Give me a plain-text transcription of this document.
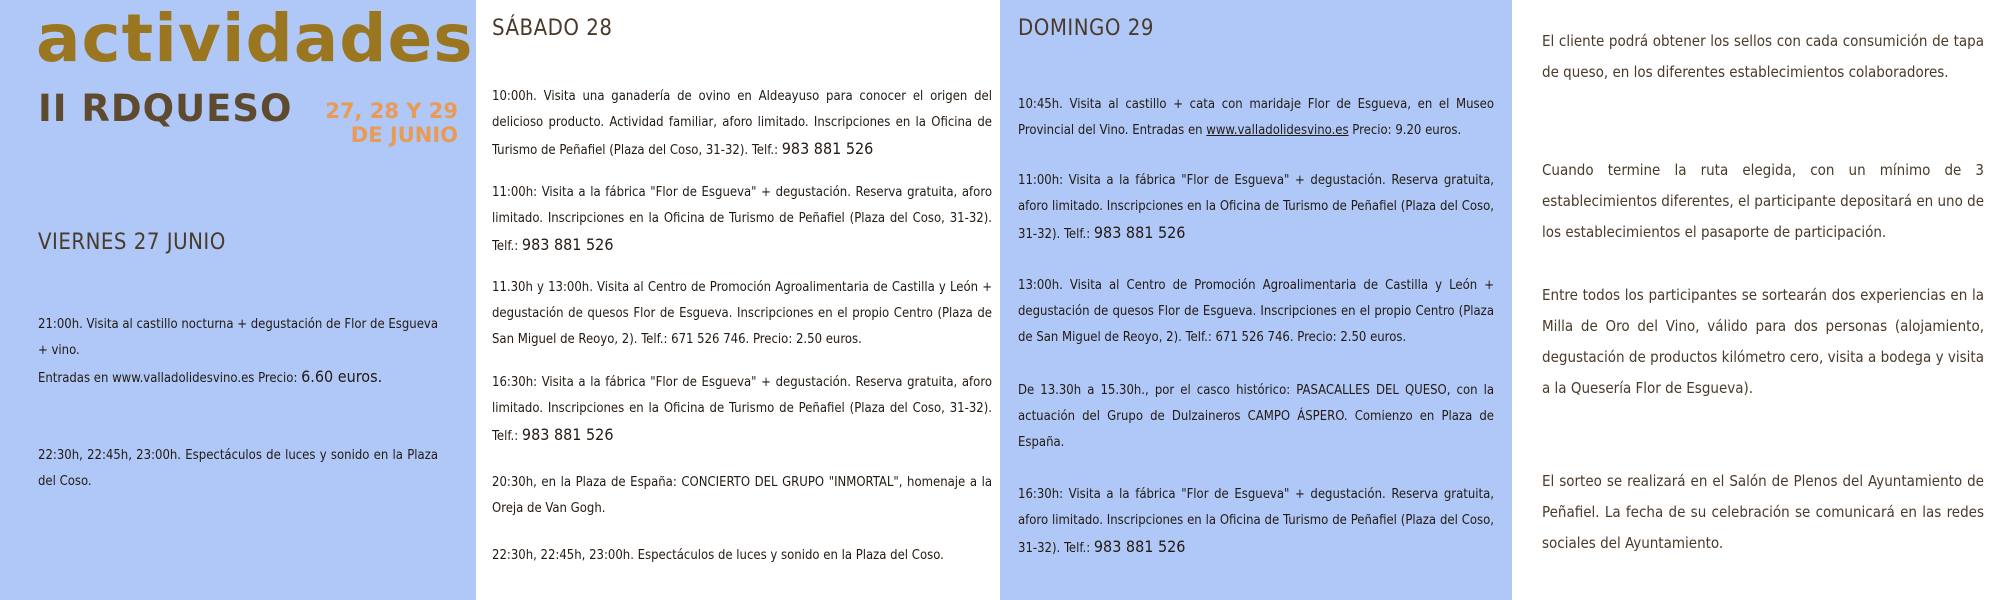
actividades
II RDQUESO 27, 28 Y 29
DE JUNIO
VIERNES 27 JUNIO
21:00h. Visita al castillo nocturna + degustación de Flor de Esgueva + vino.
Entradas en www.valladolidesvino.es Precio: 6.60 euros.
22:30h, 22:45h, 23:00h. Espectáculos de luces y sonido en la Plaza del Coso.
SÁBADO 28
10:00h. Visita una ganadería de ovino en Aldeayuso para conocer el origen del delicioso producto. Actividad familiar, aforo limitado. Inscripciones en la Oficina de Turismo de Peñafiel (Plaza del Coso, 31-32). Telf.: 983 881 526
11:00h: Visita a la fábrica "Flor de Esgueva" + degustación. Reserva gratuita, aforo limitado. Inscripciones en la Oficina de Turismo de Peñafiel (Plaza del Coso, 31-32). Telf.: 983 881 526
11.30h y 13:00h. Visita al Centro de Promoción Agroalimentaria de Castilla y León + degustación de quesos Flor de Esgueva. Inscripciones en el propio Centro (Plaza de San Miguel de Reoyo, 2). Telf.: 671 526 746. Precio: 2.50 euros.
16:30h: Visita a la fábrica "Flor de Esgueva" + degustación. Reserva gratuita, aforo limitado. Inscripciones en la Oficina de Turismo de Peñafiel (Plaza del Coso, 31-32). Telf.: 983 881 526
20:30h, en la Plaza de España: CONCIERTO DEL GRUPO "INMORTAL", homenaje a la Oreja de Van Gogh.
22:30h, 22:45h, 23:00h. Espectáculos de luces y sonido en la Plaza del Coso.
DOMINGO 29
10:45h. Visita al castillo + cata con maridaje Flor de Esgueva, en el Museo Provincial del Vino. Entradas en www.valladolidesvino.es Precio: 9.20 euros.
11:00h: Visita a la fábrica "Flor de Esgueva" + degustación. Reserva gratuita, aforo limitado. Inscripciones en la Oficina de Turismo de Peñafiel (Plaza del Coso, 31-32). Telf.: 983 881 526
13:00h. Visita al Centro de Promoción Agroalimentaria de Castilla y León + degustación de quesos Flor de Esgueva. Inscripciones en el propio Centro (Plaza de San Miguel de Reoyo, 2). Telf.: 671 526 746. Precio: 2.50 euros.
De 13.30h a 15.30h., por el casco histórico: PASACALLES DEL QUESO, con la actuación del Grupo de Dulzaineros CAMPO ÁSPERO. Comienzo en Plaza de España.
16:30h: Visita a la fábrica "Flor de Esgueva" + degustación. Reserva gratuita, aforo limitado. Inscripciones en la Oficina de Turismo de Peñafiel (Plaza del Coso, 31-32). Telf.: 983 881 526

El cliente podrá obtener los sellos con cada consumición de tapa de queso, en los diferentes establecimientos colaboradores.

Cuando termine la ruta elegida, con un mínimo de 3 establecimientos diferentes, el participante depositará en uno de los establecimientos el pasaporte de participación.

Entre todos los participantes se sortearán dos experiencias en la Milla de Oro del Vino, válido para dos personas (alojamiento, degustación de productos kilómetro cero, visita a bodega y visita a la Quesería Flor de Esgueva).

El sorteo se realizará en el Salón de Plenos del Ayuntamiento de Peñafiel. La fecha de su celebración se comunicará en las redes sociales del Ayuntamiento.
